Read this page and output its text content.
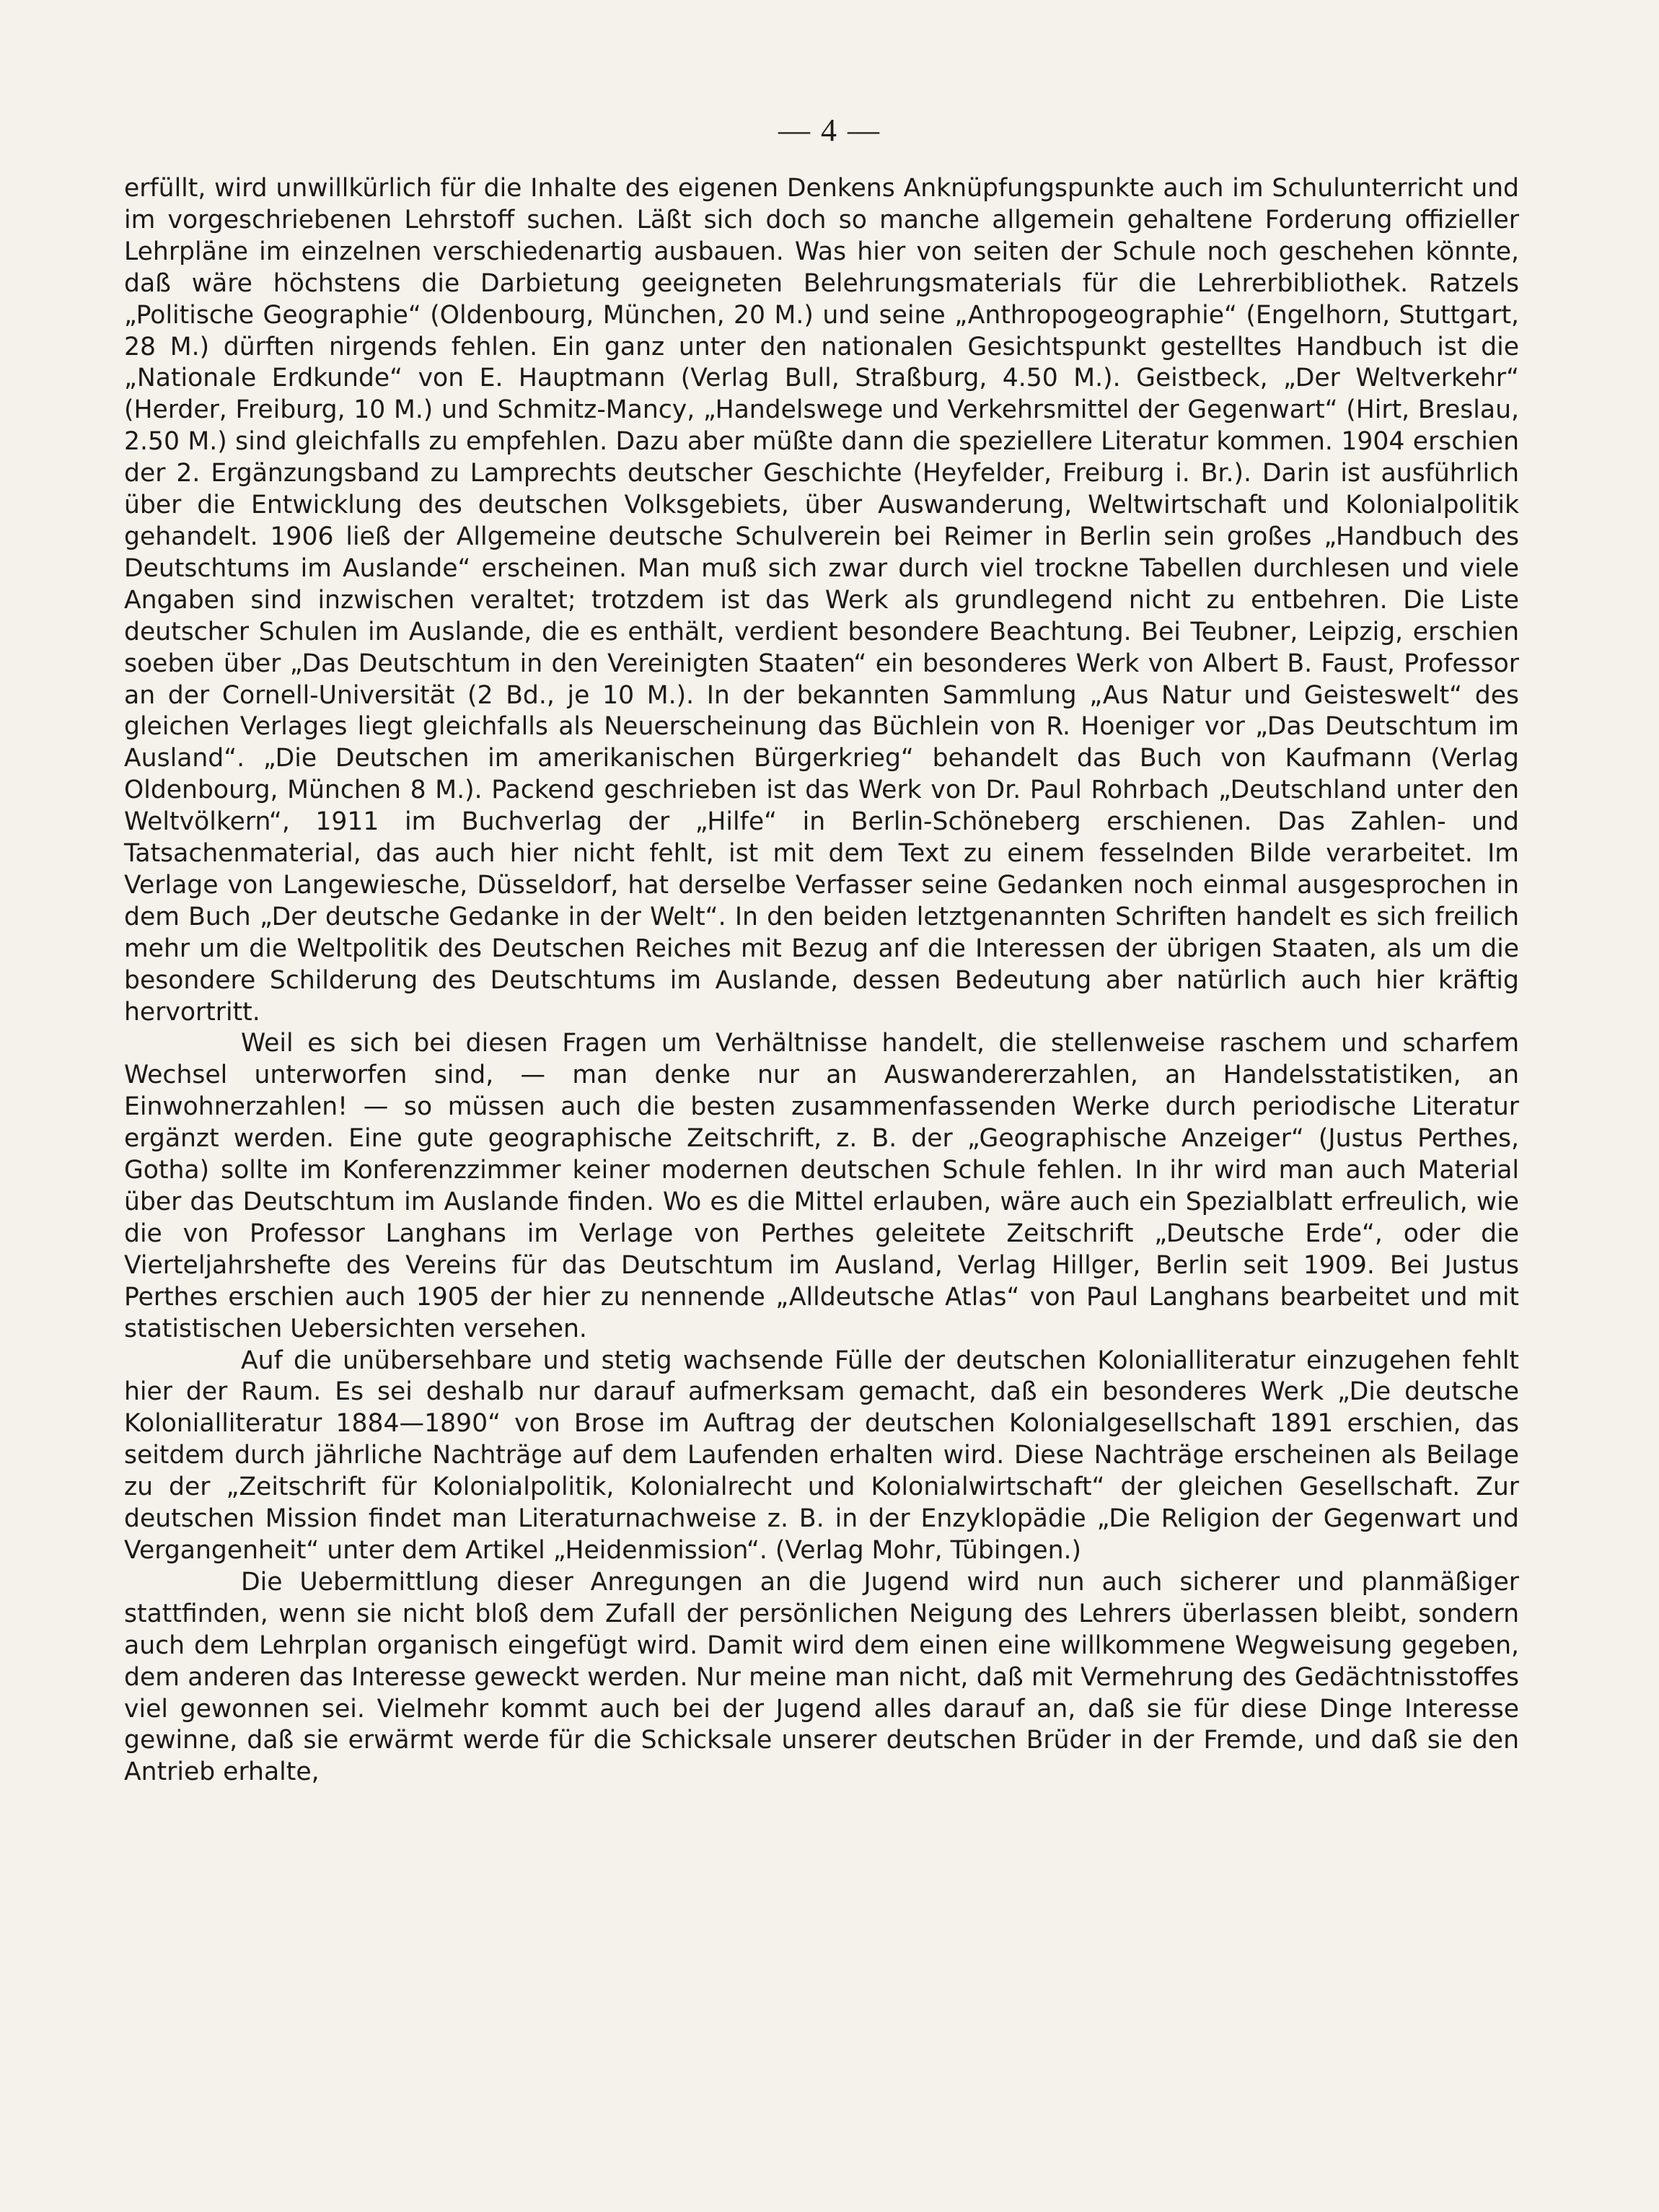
— 4 —

erfüllt, wird unwillkürlich für die Inhalte des eigenen Denkens Anknüpfungspunkte auch im Schulunterricht und im vorgeschriebenen Lehrstoff suchen. Läßt sich doch so manche allgemein gehaltene Forderung offizieller Lehrpläne im einzelnen verschiedenartig ausbauen. Was hier von seiten der Schule noch geschehen könnte, daß wäre höchstens die Darbietung geeigneten Belehrungsmaterials für die Lehrerbibliothek. Ratzels „Politische Geographie“ (Oldenbourg, München, 20 M.) und seine „Anthropogeographie“ (Engelhorn, Stuttgart, 28 M.) dürften nirgends fehlen. Ein ganz unter den nationalen Gesichtspunkt gestelltes Handbuch ist die „Nationale Erdkunde“ von E. Hauptmann (Verlag Bull, Straßburg, 4.50 M.). Geistbeck, „Der Weltverkehr“ (Herder, Freiburg, 10 M.) und Schmitz-Mancy, „Handelswege und Verkehrsmittel der Gegenwart“ (Hirt, Breslau, 2.50 M.) sind gleichfalls zu empfehlen. Dazu aber müßte dann die speziellere Literatur kommen. 1904 erschien der 2. Ergänzungsband zu Lamprechts deutscher Geschichte (Heyfelder, Freiburg i. Br.). Darin ist ausführlich über die Entwicklung des deutschen Volksgebiets, über Auswanderung, Weltwirtschaft und Kolonialpolitik gehandelt. 1906 ließ der Allgemeine deutsche Schulverein bei Reimer in Berlin sein großes „Handbuch des Deutschtums im Auslande“ erscheinen. Man muß sich zwar durch viel trockne Tabellen durchlesen und viele Angaben sind inzwischen veraltet; trotzdem ist das Werk als grundlegend nicht zu entbehren. Die Liste deutscher Schulen im Auslande, die es enthält, verdient besondere Beachtung. Bei Teubner, Leipzig, erschien soeben über „Das Deutschtum in den Vereinigten Staaten“ ein besonderes Werk von Albert B. Faust, Professor an der Cornell-Universität (2 Bd., je 10 M.). In der bekannten Sammlung „Aus Natur und Geisteswelt“ des gleichen Verlages liegt gleichfalls als Neuerscheinung das Büchlein von R. Hoeniger vor „Das Deutschtum im Ausland“. „Die Deutschen im amerikanischen Bürgerkrieg“ behandelt das Buch von Kaufmann (Verlag Oldenbourg, München 8 M.). Packend geschrieben ist das Werk von Dr. Paul Rohrbach „Deutschland unter den Weltvölkern“, 1911 im Buchverlag der „Hilfe“ in Berlin-Schöneberg erschienen. Das Zahlen- und Tatsachenmaterial, das auch hier nicht fehlt, ist mit dem Text zu einem fesselnden Bilde verarbeitet. Im Verlage von Langewiesche, Düsseldorf, hat derselbe Verfasser seine Gedanken noch einmal ausgesprochen in dem Buch „Der deutsche Gedanke in der Welt“. In den beiden letztgenannten Schriften handelt es sich freilich mehr um die Weltpolitik des Deutschen Reiches mit Bezug anf die Interessen der übrigen Staaten, als um die besondere Schilderung des Deutschtums im Auslande, dessen Bedeutung aber natürlich auch hier kräftig hervortritt.

Weil es sich bei diesen Fragen um Verhältnisse handelt, die stellenweise raschem und scharfem Wechsel unterworfen sind, — man denke nur an Auswandererzahlen, an Handelsstatistiken, an Einwohnerzahlen! — so müssen auch die besten zusammenfassenden Werke durch periodische Literatur ergänzt werden. Eine gute geographische Zeitschrift, z. B. der „Geographische Anzeiger“ (Justus Perthes, Gotha) sollte im Konferenzzimmer keiner modernen deutschen Schule fehlen. In ihr wird man auch Material über das Deutschtum im Auslande finden. Wo es die Mittel erlauben, wäre auch ein Spezialblatt erfreulich, wie die von Professor Langhans im Verlage von Perthes geleitete Zeitschrift „Deutsche Erde“, oder die Vierteljahrshefte des Vereins für das Deutschtum im Ausland, Verlag Hillger, Berlin seit 1909. Bei Justus Perthes erschien auch 1905 der hier zu nennende „Alldeutsche Atlas“ von Paul Langhans bearbeitet und mit statistischen Uebersichten versehen.

Auf die unübersehbare und stetig wachsende Fülle der deutschen Kolonialliteratur einzugehen fehlt hier der Raum. Es sei deshalb nur darauf aufmerksam gemacht, daß ein besonderes Werk „Die deutsche Kolonialliteratur 1884—1890“ von Brose im Auftrag der deutschen Kolonialgesellschaft 1891 erschien, das seitdem durch jährliche Nachträge auf dem Laufenden erhalten wird. Diese Nachträge erscheinen als Beilage zu der „Zeitschrift für Kolonialpolitik, Kolonialrecht und Kolonialwirtschaft“ der gleichen Gesellschaft. Zur deutschen Mission findet man Literaturnachweise z. B. in der Enzyklopädie „Die Religion der Gegenwart und Vergangenheit“ unter dem Artikel „Heidenmission“. (Verlag Mohr, Tübingen.)

Die Uebermittlung dieser Anregungen an die Jugend wird nun auch sicherer und planmäßiger stattfinden, wenn sie nicht bloß dem Zufall der persönlichen Neigung des Lehrers überlassen bleibt, sondern auch dem Lehrplan organisch eingefügt wird. Damit wird dem einen eine willkommene Wegweisung gegeben, dem anderen das Interesse geweckt werden. Nur meine man nicht, daß mit Vermehrung des Gedächtnisstoffes viel gewonnen sei. Vielmehr kommt auch bei der Jugend alles darauf an, daß sie für diese Dinge Interesse gewinne, daß sie erwärmt werde für die Schicksale unserer deutschen Brüder in der Fremde, und daß sie den Antrieb erhalte,
